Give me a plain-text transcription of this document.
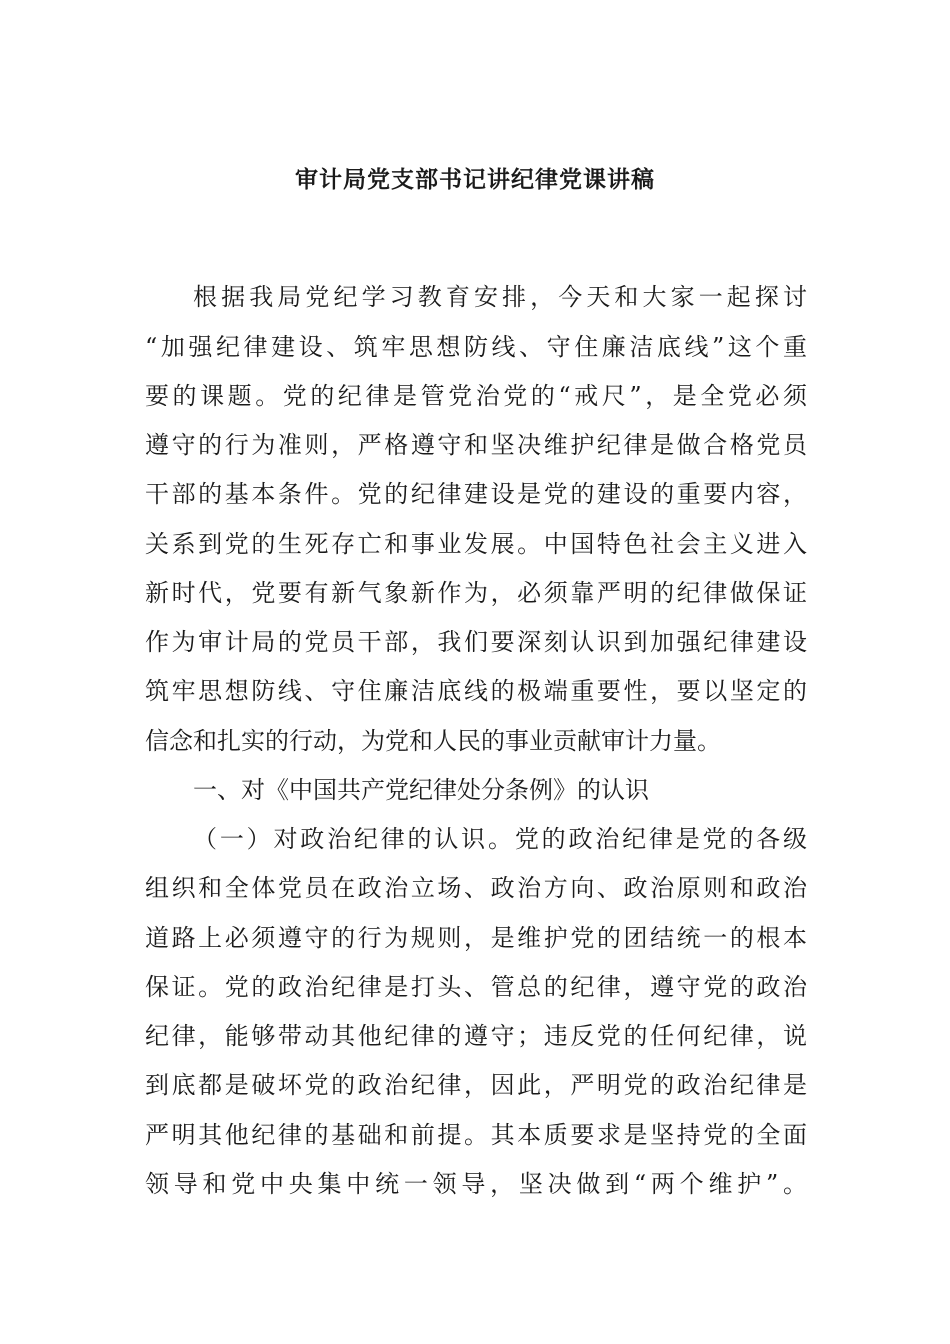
审计局党支部书记讲纪律党课讲稿

根据我局党纪学习教育安排，今天和大家一起探讨

“加强纪律建设、筑牢思想防线、守住廉洁底线”这个重

要的课题。党的纪律是管党治党的“戒尺”，是全党必须

遵守的行为准则，严格遵守和坚决维护纪律是做合格党员

干部的基本条件。党的纪律建设是党的建设的重要内容，

关系到党的生死存亡和事业发展。中国特色社会主义进入

新时代，党要有新气象新作为，必须靠严明的纪律做保证

作为审计局的党员干部，我们要深刻认识到加强纪律建设

筑牢思想防线、守住廉洁底线的极端重要性，要以坚定的

信念和扎实的行动，为党和人民的事业贡献审计力量。

一、对《中国共产党纪律处分条例》的认识

（一）对政治纪律的认识。党的政治纪律是党的各级

组织和全体党员在政治立场、政治方向、政治原则和政治

道路上必须遵守的行为规则，是维护党的团结统一的根本

保证。党的政治纪律是打头、管总的纪律，遵守党的政治

纪律，能够带动其他纪律的遵守；违反党的任何纪律，说

到底都是破坏党的政治纪律，因此，严明党的政治纪律是

严明其他纪律的基础和前提。其本质要求是坚持党的全面

领导和党中央集中统一领导，坚决做到“两个维护”。
